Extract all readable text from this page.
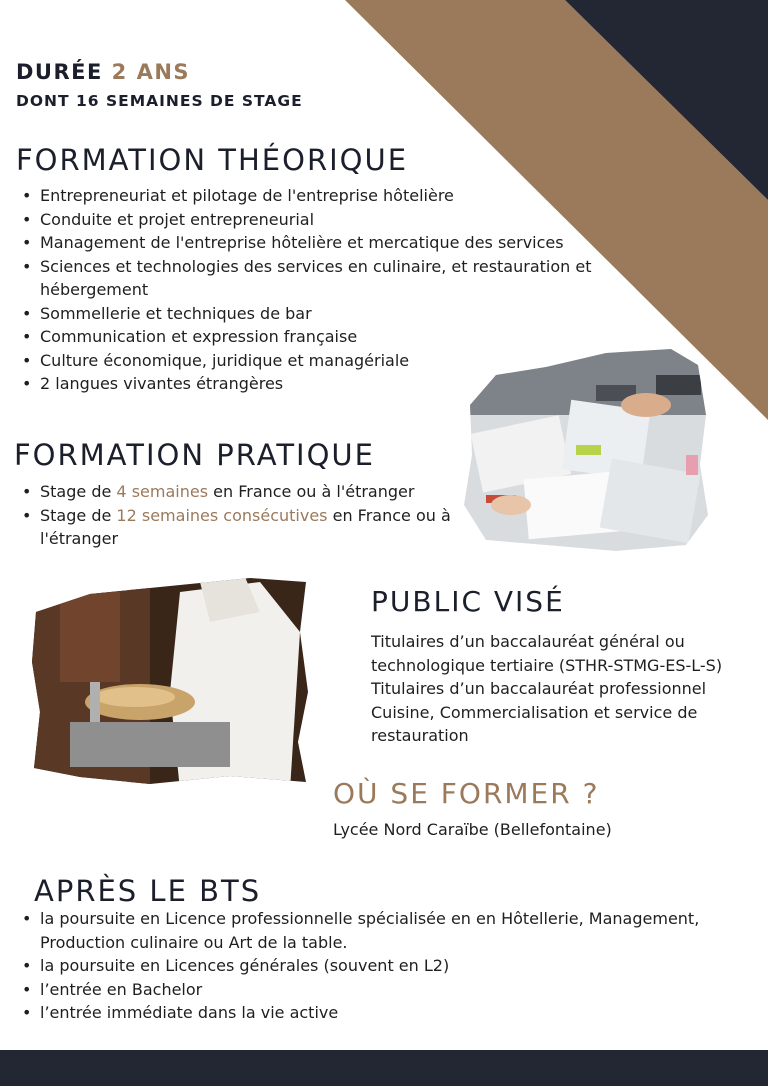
DURÉE 2 ANS
DONT 16 SEMAINES DE STAGE
FORMATION THÉORIQUE
• Entrepreneuriat et pilotage de l'entreprise hôtelière
• Conduite et projet entrepreneurial
• Management de l'entreprise hôtelière et mercatique des services
• Sciences et technologies des services en culinaire, et restauration et hébergement
• Sommellerie et techniques de bar
• Communication et expression française
• Culture économique, juridique et managériale
• 2 langues vivantes étrangères
FORMATION PRATIQUE
• Stage de 4 semaines en France ou à l'étranger
• Stage de 12 semaines consécutives en France ou à l'étranger
PUBLIC VISÉ
Titulaires d’un baccalauréat général ou
technologique tertiaire (STHR-STMG-ES-L-S)
Titulaires d’un baccalauréat professionnel
Cuisine, Commercialisation et service de
restauration
OÙ SE FORMER ?
Lycée Nord Caraïbe (Bellefontaine)
APRÈS LE BTS
• la poursuite en Licence professionnelle spécialisée en en Hôtellerie, Management, Production culinaire ou Art de la table.
• la poursuite en Licences générales (souvent en L2)
• l’entrée en Bachelor
• l’entrée immédiate dans la vie active
